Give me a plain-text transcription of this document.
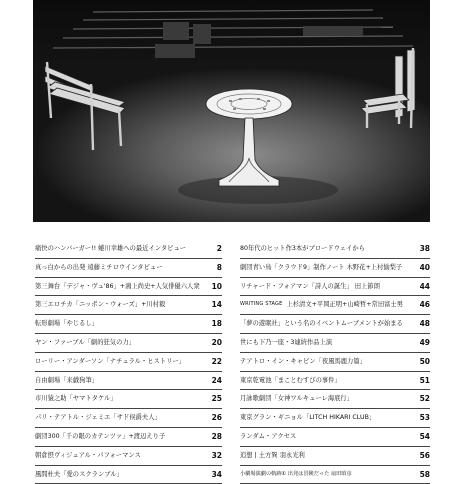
痛快のハンバーガー!! 蜷川幸雄への最近インタビュー	2
真っ白からの出発 遠藤ミチロウインタビュー	8
第三舞台「デジャ・ヴュ'86」+鴻上尚史+人気俳優六人衆 10
第三エロチカ「ニッポン・ウォーズ」+川村毅	14
転形劇場「やじるし」	18
ヤン・ファーブル「劇的狂気の力」	20
ローリー・アンダーソン「ナチュラル・ヒストリー」	22
自由劇場「来戯狗筆」	24
市川猿之助「ヤマトタケル」	25
パリ・テアトル・ジェミエ「サド侯爵夫人」	26
劇団300「千の眼のカテンツァ」+渡辺えり子	28
朝倉摂ヴィジュアル・パフォーマンス	32
風間杜夫「愛のスクランブル」	34
80年代のヒット作3本がブロードウェイから	38
劇団青い鳥「クラウド9」制作ノート 木野花+上村愉梨子 40
リチャード・フォアマン「詩人の誕生」 田上節朗	44
WRITING STAGE 上杉清文+平岡正明+山崎哲+常田富士男 46
「夢の遊眠社」という名のイベントムーブメントが始まる 48
世にも下乃一座・3連続作品上演	49
テアトロ・イン・キャビン「夜風馬鹿力篇」	50
東京乾電池「まことむすびの事件」	51
月詠歌劇団「女神ワルキューレ海底行」	52
東京グラン・ギニョル「LITCH HIKARI CLUB」	53
ランダム・アクセス	54
追想 | 土方巽 羽永光利	56
小劇場演劇の軌跡① 出発は冒険だった 扇田昭彦	58
